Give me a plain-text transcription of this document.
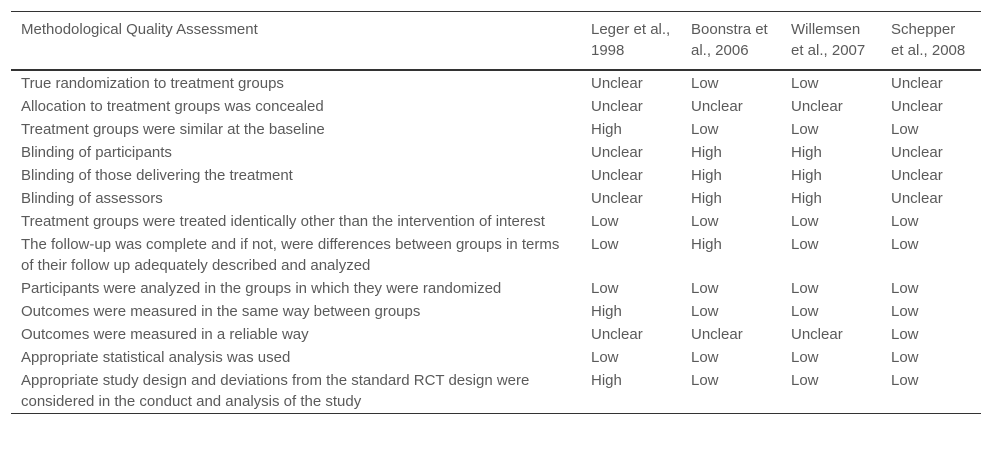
Methodological Quality Assessment	Leger et al., 1998	Boonstra et al., 2006	Willemsen et al., 2007	Schepper et al., 2008
True randomization to treatment groups	Unclear	Low	Low	Unclear
Allocation to treatment groups was concealed	Unclear	Unclear	Unclear	Unclear
Treatment groups were similar at the baseline	High	Low	Low	Low
Blinding of participants	Unclear	High	High	Unclear
Blinding of those delivering the treatment	Unclear	High	High	Unclear
Blinding of assessors	Unclear	High	High	Unclear
Treatment groups were treated identically other than the intervention of interest	Low	Low	Low	Low
The follow-up was complete and if not, were differences between groups in terms of their follow up adequately described and analyzed	Low	High	Low	Low
Participants were analyzed in the groups in which they were randomized	Low	Low	Low	Low
Outcomes were measured in the same way between groups	High	Low	Low	Low
Outcomes were measured in a reliable way	Unclear	Unclear	Unclear	Low
Appropriate statistical analysis was used	Low	Low	Low	Low
Appropriate study design and deviations from the standard RCT design were considered in the conduct and analysis of the study	High	Low	Low	Low
